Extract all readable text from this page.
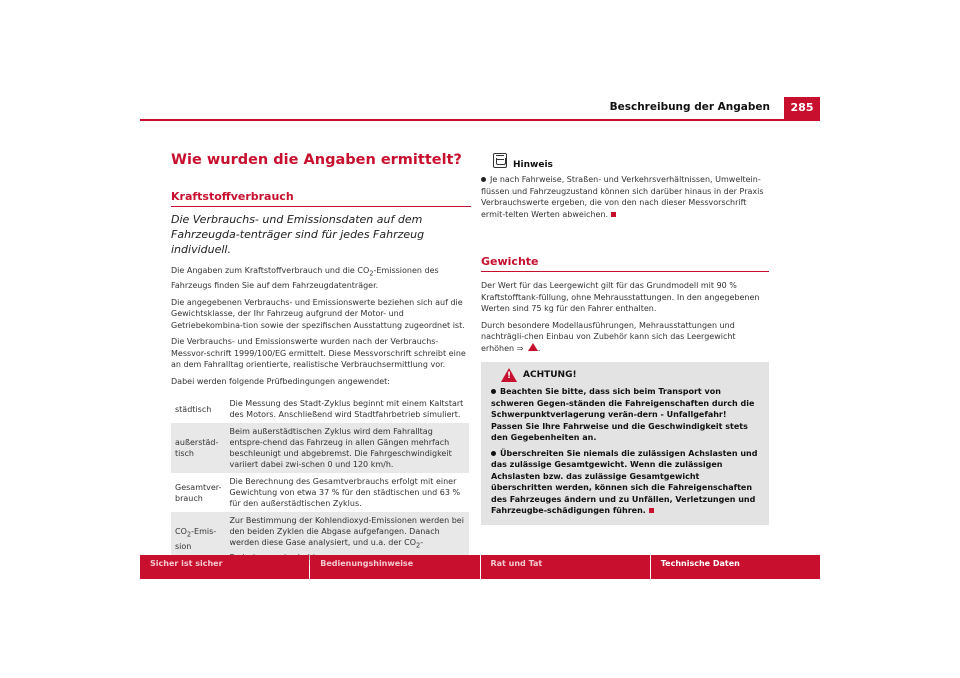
Beschreibung der Angaben	285
Wie wurden die Angaben ermittelt?
Kraftstoffverbrauch
Die Verbrauchs- und Emissionsdaten auf dem Fahrzeugda-tenträger sind für jedes Fahrzeug individuell.

Die Angaben zum Kraftstoffverbrauch und die $CO_2$-Emissionen des Fahrzeugs finden Sie auf dem Fahrzeugdatenträger.

Die angegebenen Verbrauchs- und Emissionswerte beziehen sich auf die Gewichtsklasse, der Ihr Fahrzeug aufgrund der Motor- und Getriebekombina-tion sowie der spezifischen Ausstattung zugeordnet ist.

Die Verbrauchs- und Emissionswerte wurden nach der Verbrauchs-Messvor-schrift 1999/100/EG ermittelt. Diese Messvorschrift schreibt eine an dem Fahralltag orientierte, realistische Verbrauchsermittlung vor.

Dabei werden folgende Prüfbedingungen angewendet:

städtisch	Die Messung des Stadt-Zyklus beginnt mit einem Kaltstart des Motors. Anschließend wird Stadtfahrbetrieb simuliert.
außerstäd-tisch	Beim außerstädtischen Zyklus wird dem Fahralltag entspre-chend das Fahrzeug in allen Gängen mehrfach beschleunigt und abgebremst. Die Fahrgeschwindigkeit variiert dabei zwi-schen 0 und 120 km/h.
Gesamtver-brauch	Die Berechnung des Gesamtverbrauchs erfolgt mit einer Gewichtung von etwa 37 % für den städtischen und 63 % für den außerstädtischen Zyklus.
$CO_2-Emis$-sion	Zur Bestimmung der Kohlendioxyd-Emissionen werden bei den beiden Zyklen die Abgase aufgefangen. Danach werden diese Gase analysiert, und u.a. der $CO_2-$
Hinweis
Je nach Fahrweise, Straßen- und Verkehrsverhältnissen, Umweltein-flüssen und Fahrzeugzustand können sich darüber hinaus in der Praxis Verbrauchswerte ergeben, die von den nach dieser Messvorschrift ermit-telten Werten abweichen.
Gewichte

Der Wert für das Leergewicht gilt für das Grundmodell mit 90 % Kraftstofftank-füllung, ohne Mehrausstattungen. In den angegebenen Werten sind 75 kg für den Fahrer enthalten.

Durch besondere Modellausführungen, Mehrausstattungen und nachträgli-chen Einbau von Zubehör kann sich das Leergewicht erhöhen ⇒ .

! ACHTUNG!
Beachten Sie bitte, dass sich beim Transport von schweren Gegen-ständen die Fahreigenschaften durch die Schwerpunktverlagerung verän-dern - Unfallgefahr! Passen Sie Ihre Fahrweise und die Geschwindigkeit stets den Gegebenheiten an.
Überschreiten Sie niemals die zulässigen Achslasten und das zulässige Gesamtgewicht. Wenn die zulässigen Achslasten bzw. das zulässige Gesamtgewicht überschritten werden, können sich die Fahreigenschaften des Fahrzeuges ändern und zu Unfällen, Verletzungen und Fahrzeugbe-schädigungen führen.
Sicher ist sicher	Bedienungshinweise	Rat und Tat	Technische Daten
